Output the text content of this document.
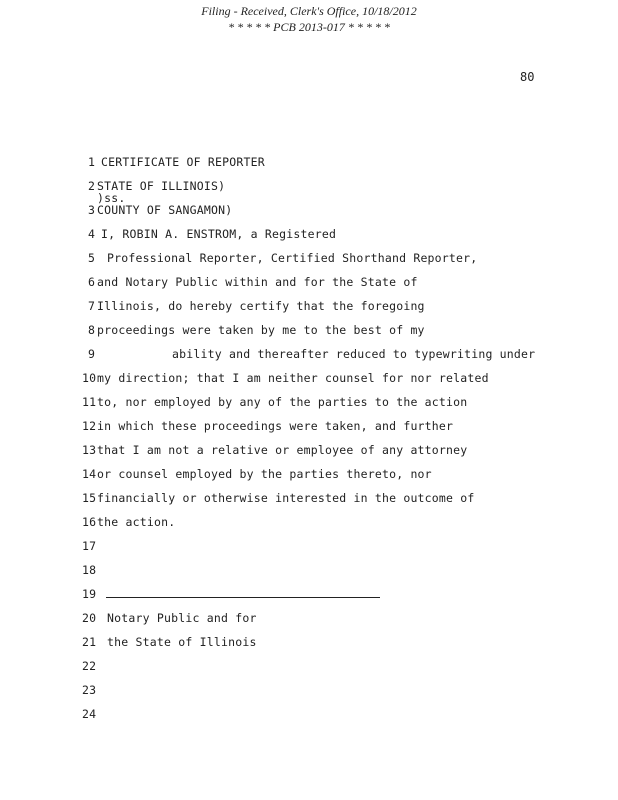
Filing - Received, Clerk's Office, 10/18/2012
* * * * * PCB 2013-017 * * * * *
80

1

CERTIFICATE OF REPORTER

2

STATE OF ILLINOIS)

)ss.

3

COUNTY OF SANGAMON)

4

I, ROBIN A. ENSTROM, a Registered

5

Professional Reporter, Certified Shorthand Reporter,

6

and Notary Public within and for the State of

7

Illinois, do hereby certify that the foregoing

8

proceedings were taken by me to the best of my

9

	ability and thereafter reduced to typewriting under

10

my direction; that I am neither counsel for nor related

11

to, nor employed by any of the parties to the action

12

in which these proceedings were taken, and further

13

that I am not a relative or employee of any attorney

14

or counsel employed by the parties thereto, nor

15

financially or otherwise interested in the outcome of

16

the action.

17

18

19

20

Notary Public and for

21

the State of Illinois

22

23

24
